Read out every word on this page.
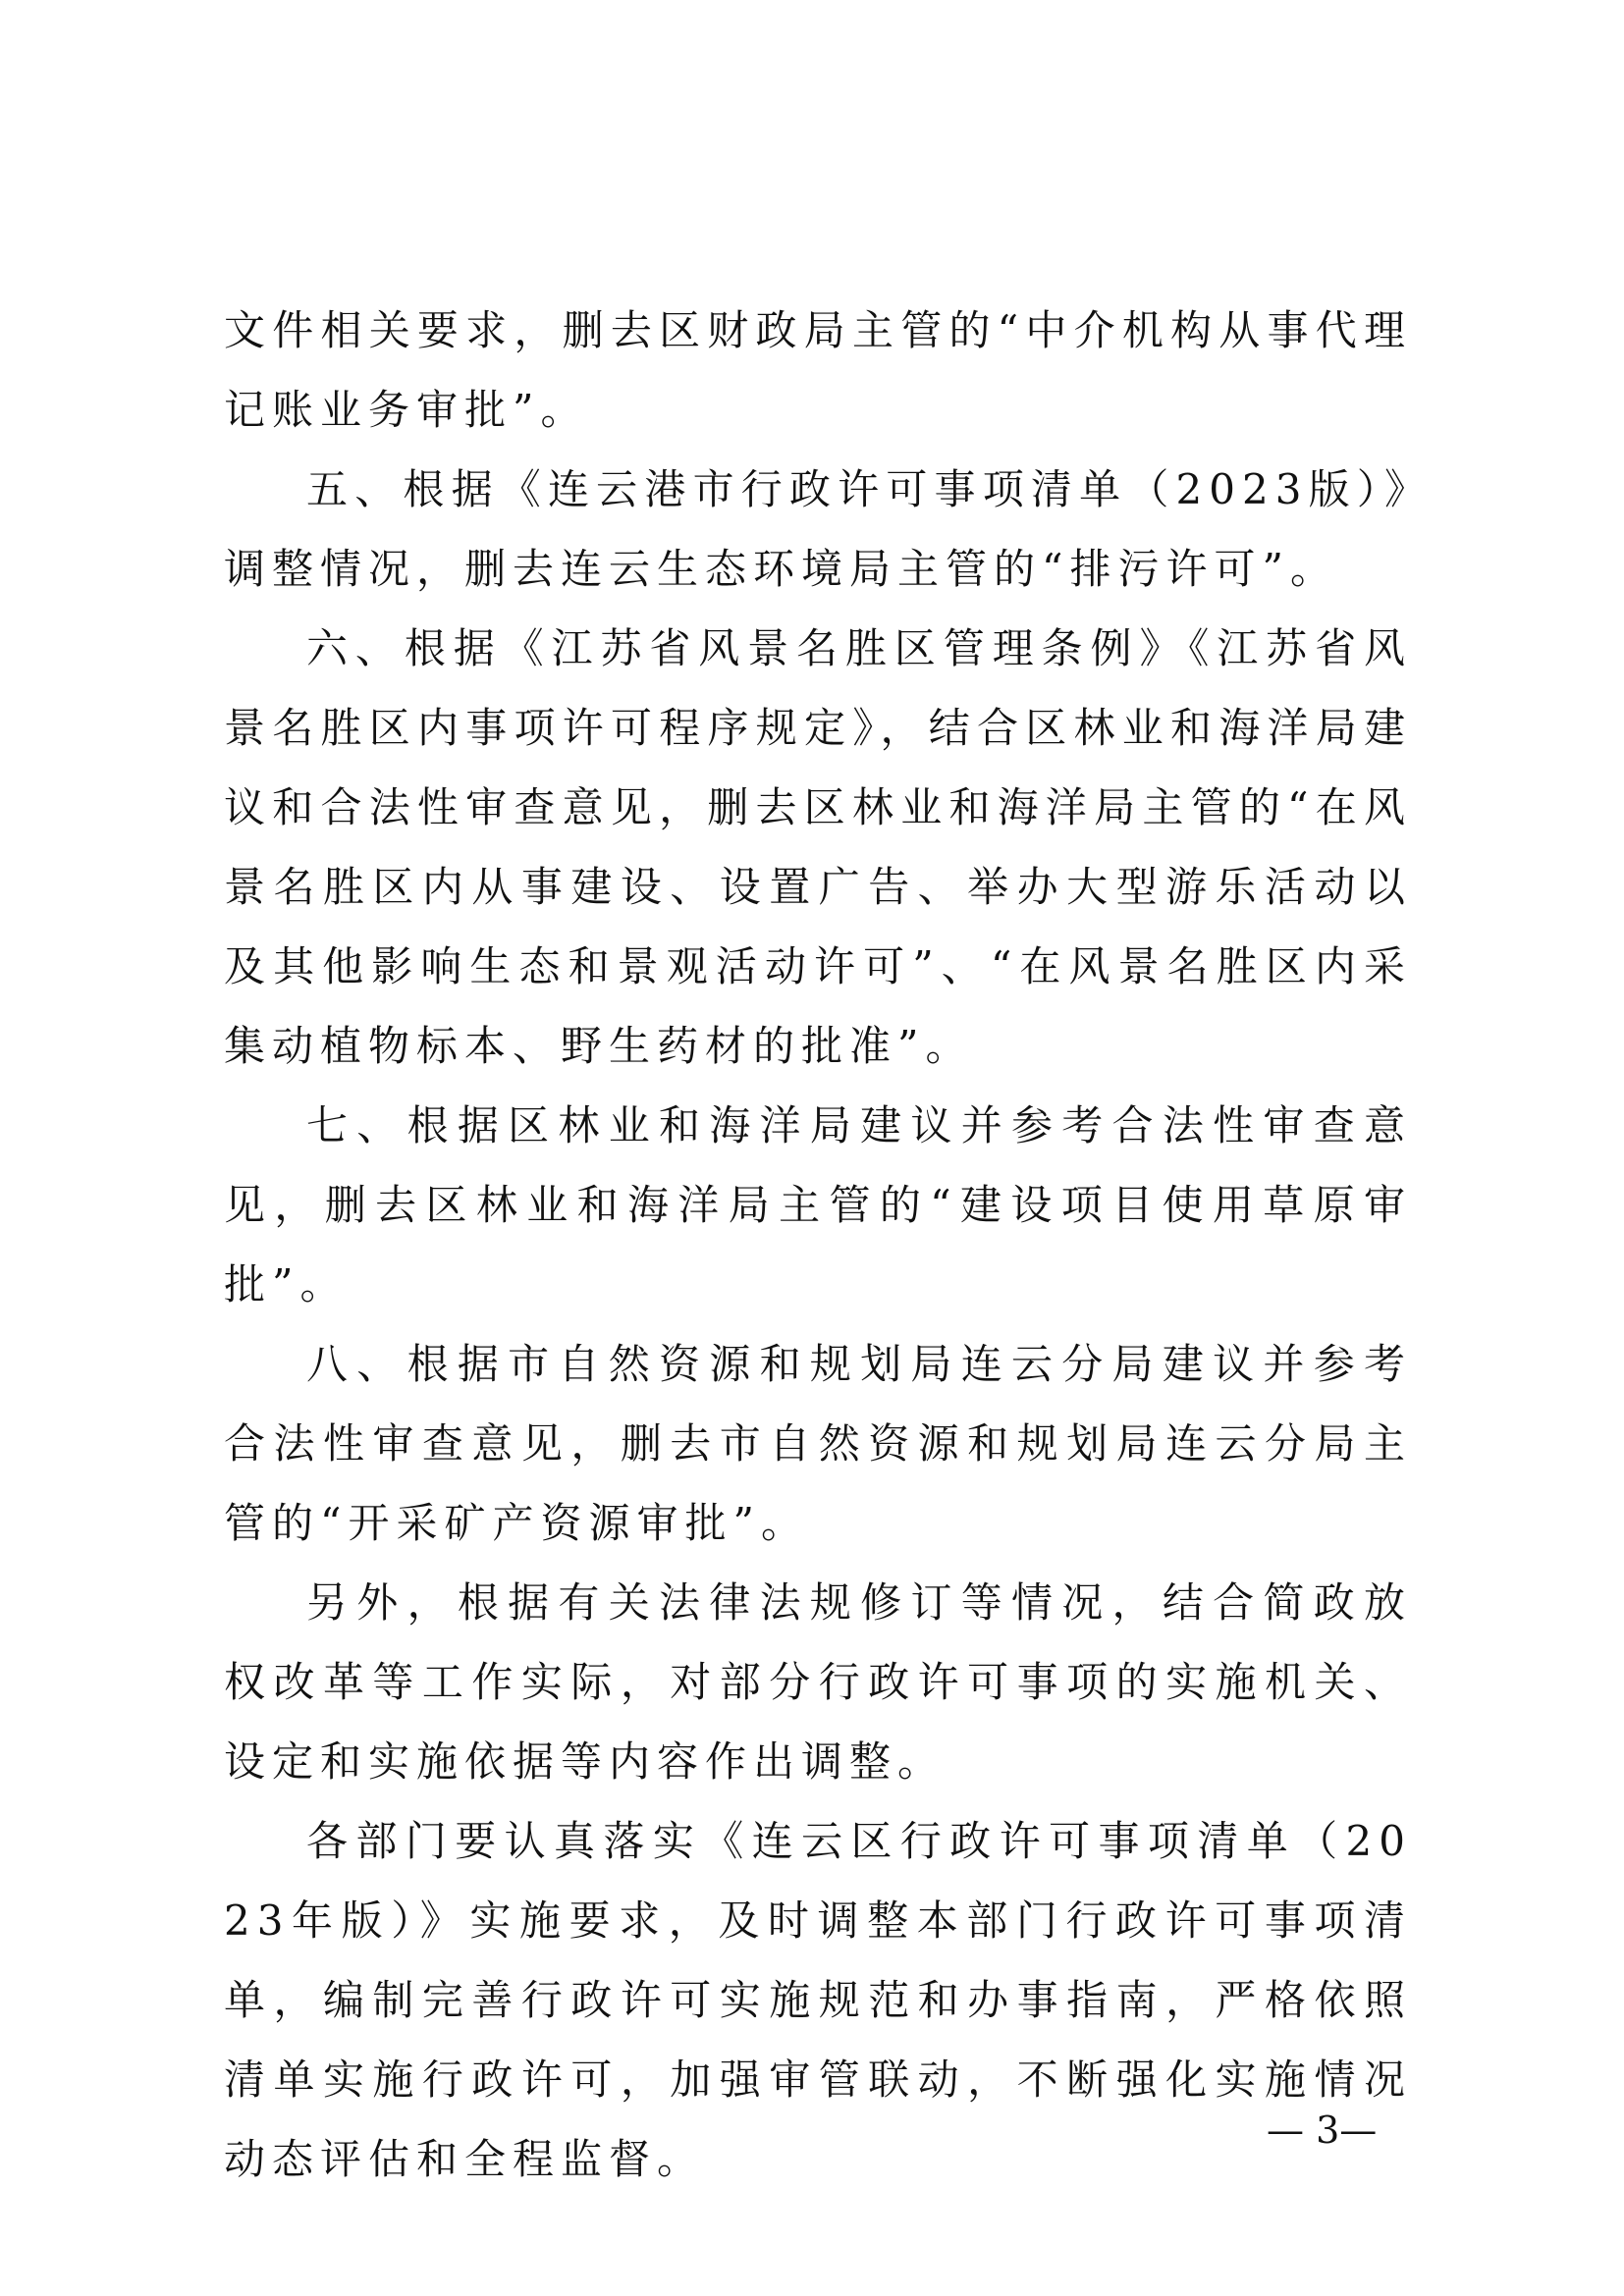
文件相关要求，删去区财政局主管的“中介机构从事代理记账业务审批”。

五、根据《连云港市行政许可事项清单（2023版）》调整情况，删去连云生态环境局主管的“排污许可”。

六、根据《江苏省风景名胜区管理条例》《江苏省风景名胜区内事项许可程序规定》，结合区林业和海洋局建议和合法性审查意见，删去区林业和海洋局主管的“在风景名胜区内从事建设、设置广告、举办大型游乐活动以及其他影响生态和景观活动许可”、“在风景名胜区内采集动植物标本、野生药材的批准”。

七、根据区林业和海洋局建议并参考合法性审查意见，删去区林业和海洋局主管的“建设项目使用草原审批”。

八、根据市自然资源和规划局连云分局建议并参考合法性审查意见，删去市自然资源和规划局连云分局主管的“开采矿产资源审批”。

另外，根据有关法律法规修订等情况，结合简政放权改革等工作实际，对部分行政许可事项的实施机关、设定和实施依据等内容作出调整。

各部门要认真落实《连云区行政许可事项清单（2023年版）》实施要求，及时调整本部门行政许可事项清单，编制完善行政许可实施规范和办事指南，严格依照清单实施行政许可，加强审管联动，不断强化实施情况动态评估和全程监督。

— 3—
